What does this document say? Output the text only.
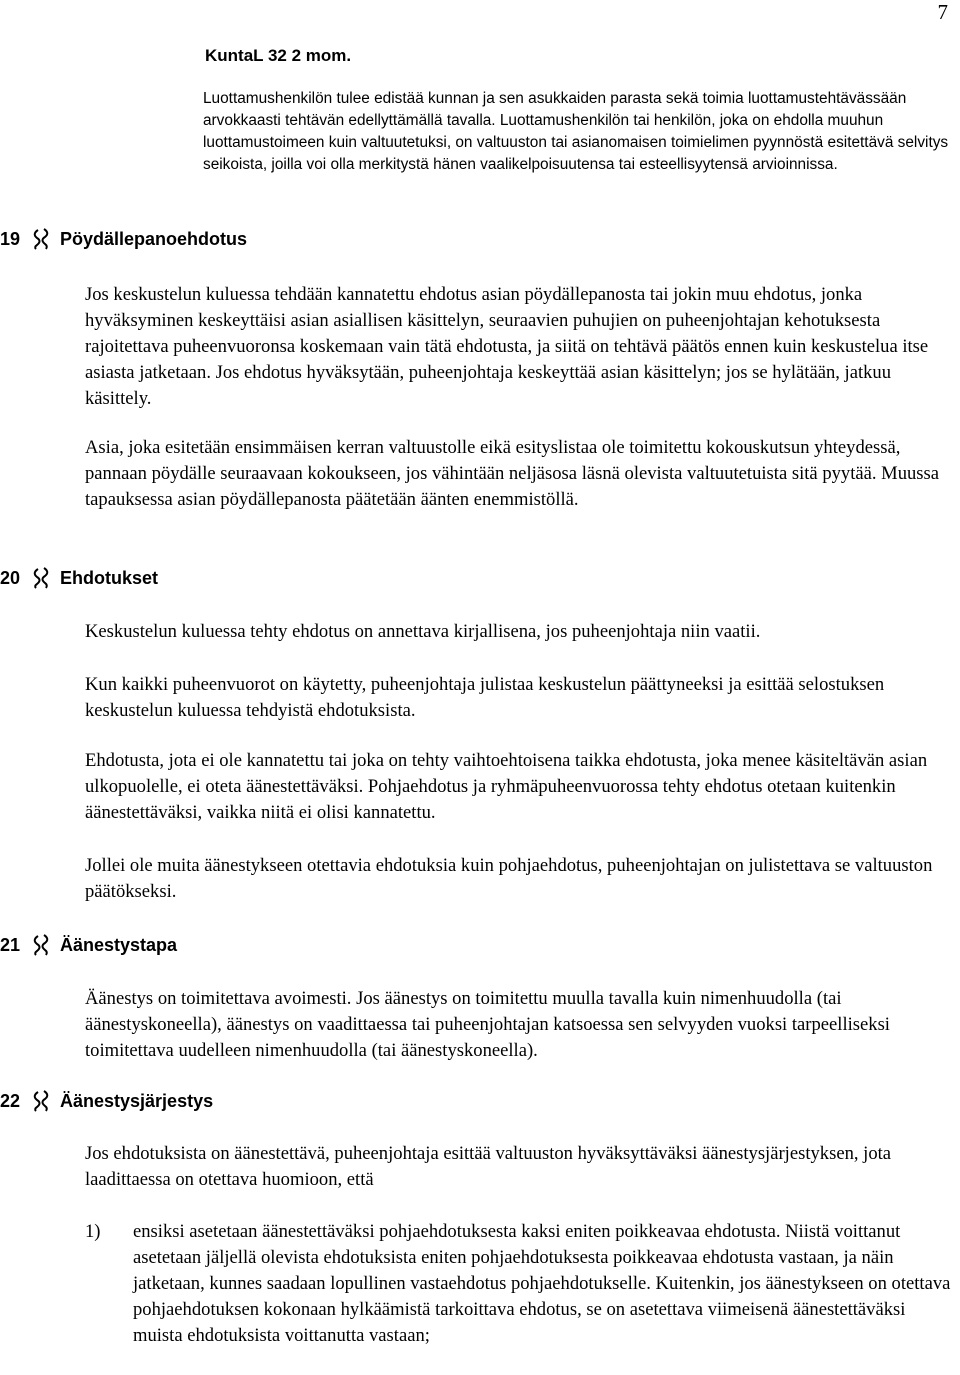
7
KuntaL 32 2 mom.
Luottamushenkilön tulee edistää kunnan ja sen asukkaiden parasta sekä toimia luottamustehtävässään arvokkaasti tehtävän edellyttämällä tavalla. Luottamushenkilön tai henkilön, joka on ehdolla muuhun luottamustoimeen kuin valtuutetuksi, on valtuuston tai asianomaisen toimielimen pyynnöstä esitettävä selvitys seikoista, joilla voi olla merkitystä hänen vaalikelpoisuutensa tai esteellisyytensä arvioinnissa.
19	Pöydällepanoehdotus
Jos keskustelun kuluessa tehdään kannatettu ehdotus asian pöydällepanosta tai jokin muu ehdotus, jonka hyväksyminen keskeyttäisi asian asiallisen käsittelyn, seuraavien puhujien on puheenjohtajan kehotuksesta rajoitettava puheenvuoronsa koskemaan vain tätä ehdotusta, ja siitä on tehtävä päätös ennen kuin keskustelua itse asiasta jatketaan. Jos ehdotus hyväksytään, puheenjohtaja keskeyttää asian käsittelyn; jos se hylätään, jatkuu käsittely.
Asia, joka esitetään ensimmäisen kerran valtuustolle eikä esityslistaa ole toimitettu kokouskutsun yhteydessä, pannaan pöydälle seuraavaan kokoukseen, jos vähintään neljäsosa läsnä olevista valtuutetuista sitä pyytää. Muussa tapauksessa asian pöydällepanosta päätetään äänten enemmistöllä.
20	Ehdotukset
Keskustelun kuluessa tehty ehdotus on annettava kirjallisena, jos puheenjohtaja niin vaatii.
Kun kaikki puheenvuorot on käytetty, puheenjohtaja julistaa keskustelun päättyneeksi ja esittää selostuksen keskustelun kuluessa tehdyistä ehdotuksista.
Ehdotusta, jota ei ole kannatettu tai joka on tehty vaihtoehtoisena taikka ehdotusta, joka menee käsiteltävän asian ulkopuolelle, ei oteta äänestettäväksi. Pohjaehdotus ja ryhmäpuheenvuorossa tehty ehdotus otetaan kuitenkin äänestettäväksi, vaikka niitä ei olisi kannatettu.
Jollei ole muita äänestykseen otettavia ehdotuksia kuin pohjaehdotus, puheenjohtajan on julistettava se valtuuston päätökseksi.
21	Äänestystapa
Äänestys on toimitettava avoimesti. Jos äänestys on toimitettu muulla tavalla kuin nimenhuudolla (tai äänestyskoneella), äänestys on vaadittaessa tai puheenjohtajan katsoessa sen selvyyden vuoksi tarpeelliseksi toimitettava uudelleen nimenhuudolla (tai äänestyskoneella).
22	Äänestysjärjestys
Jos ehdotuksista on äänestettävä, puheenjohtaja esittää valtuuston hyväksyttäväksi äänestysjärjestyksen, jota laadittaessa on otettava huomioon, että
1)	ensiksi asetetaan äänestettäväksi pohjaehdotuksesta kaksi eniten poikkeavaa ehdotusta. Niistä voittanut asetetaan jäljellä olevista ehdotuksista eniten pohjaehdotuksesta poikkeavaa ehdotusta vastaan, ja näin jatketaan, kunnes saadaan lopullinen vastaehdotus pohjaehdotukselle. Kuitenkin, jos äänestykseen on otettava pohjaehdotuksen kokonaan hylkäämistä tarkoittava ehdotus, se on asetettava viimeisenä äänestettäväksi muista ehdotuksista voittanutta vastaan;
